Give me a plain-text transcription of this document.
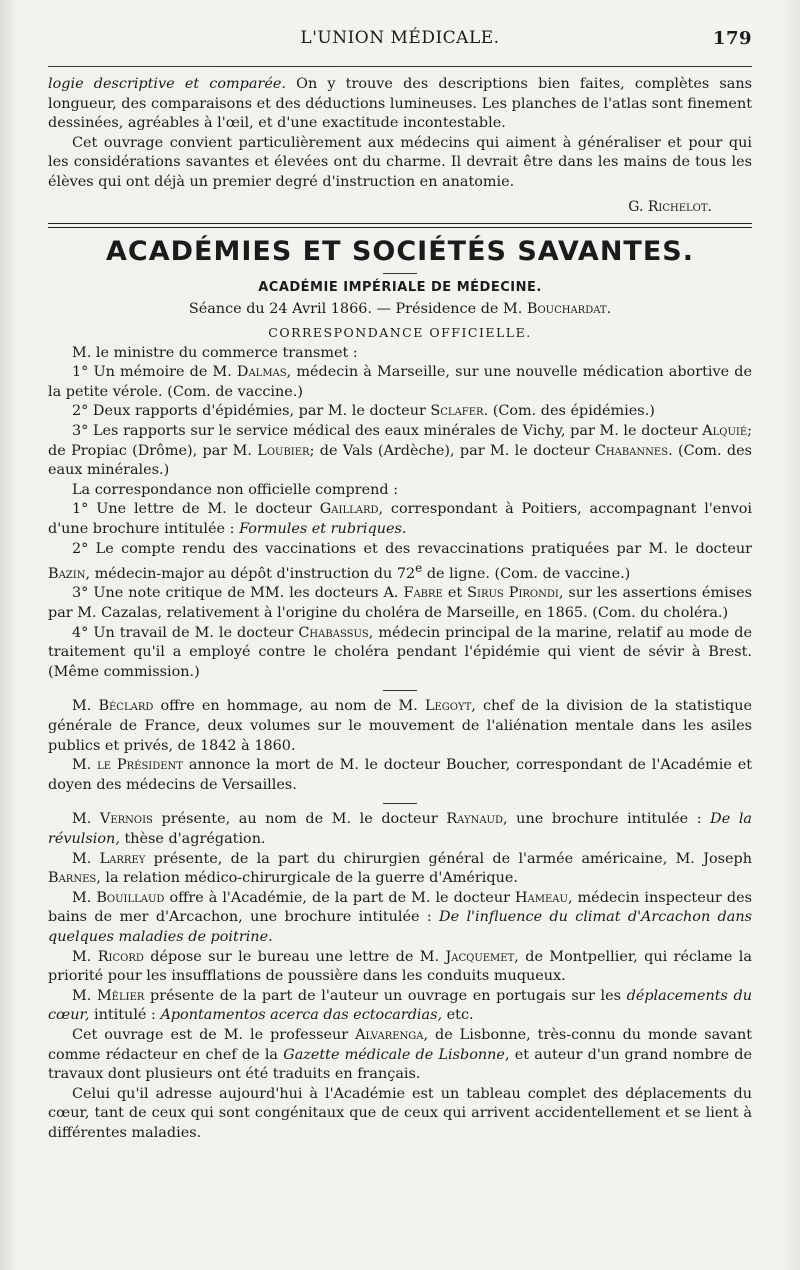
L'UNION MÉDICALE.	179

logie descriptive et comparée. On y trouve des descriptions bien faites, complètes sans longueur, des comparaisons et des déductions lumineuses. Les planches de l'atlas sont finement dessinées, agréables à l'œil, et d'une exactitude incontestable.

Cet ouvrage convient particulièrement aux médecins qui aiment à généraliser et pour qui les considérations savantes et élevées ont du charme. Il devrait être dans les mains de tous les élèves qui ont déjà un premier degré d'instruction en anatomie.

G. Richelot.
ACADÉMIES ET SOCIÉTÉS SAVANTES.
ACADÉMIE IMPÉRIALE DE MÉDECINE.
Séance du 24 Avril 1866. — Présidence de M. Bouchardat.
CORRESPONDANCE OFFICIELLE.

M. le ministre du commerce transmet :

1° Un mémoire de M. Dalmas, médecin à Marseille, sur une nouvelle médication abortive de la petite vérole. (Com. de vaccine.)

2° Deux rapports d'épidémies, par M. le docteur Sclafer. (Com. des épidémies.)

3° Les rapports sur le service médical des eaux minérales de Vichy, par M. le docteur Alquié; de Propiac (Drôme), par M. Loubier; de Vals (Ardèche), par M. le docteur Chabannes. (Com. des eaux minérales.)

La correspondance non officielle comprend :

1° Une lettre de M. le docteur Gaillard, correspondant à Poitiers, accompagnant l'envoi d'une brochure intitulée : Formules et rubriques.

2° Le compte rendu des vaccinations et des revaccinations pratiquées par M. le docteur Bazin, médecin-major au dépôt d'instruction du 72e de ligne. (Com. de vaccine.)

3° Une note critique de MM. les docteurs A. Fabre et Sirus Pirondi, sur les assertions émises par M. Cazalas, relativement à l'origine du choléra de Marseille, en 1865. (Com. du choléra.)

4° Un travail de M. le docteur Chabassus, médecin principal de la marine, relatif au mode de traitement qu'il a employé contre le choléra pendant l'épidémie qui vient de sévir à Brest. (Même commission.)

M. Béclard offre en hommage, au nom de M. Legoyt, chef de la division de la statistique générale de France, deux volumes sur le mouvement de l'aliénation mentale dans les asiles publics et privés, de 1842 à 1860.

M. le Président annonce la mort de M. le docteur Boucher, correspondant de l'Académie et doyen des médecins de Versailles.

M. Vernois présente, au nom de M. le docteur Raynaud, une brochure intitulée : De la révulsion, thèse d'agrégation.

M. Larrey présente, de la part du chirurgien général de l'armée américaine, M. Joseph Barnes, la relation médico-chirurgicale de la guerre d'Amérique.

M. Bouillaud offre à l'Académie, de la part de M. le docteur Hameau, médecin inspecteur des bains de mer d'Arcachon, une brochure intitulée : De l'influence du climat d'Arcachon dans quelques maladies de poitrine.

M. Ricord dépose sur le bureau une lettre de M. Jacquemet, de Montpellier, qui réclame la priorité pour les insufflations de poussière dans les conduits muqueux.

M. Mêlier présente de la part de l'auteur un ouvrage en portugais sur les déplacements du cœur, intitulé : Apontamentos acerca das ectocardias, etc.

Cet ouvrage est de M. le professeur Alvarenga, de Lisbonne, très-connu du monde savant comme rédacteur en chef de la Gazette médicale de Lisbonne, et auteur d'un grand nombre de travaux dont plusieurs ont été traduits en français.

Celui qu'il adresse aujourd'hui à l'Académie est un tableau complet des déplacements du cœur, tant de ceux qui sont congénitaux que de ceux qui arrivent accidentellement et se lient à différentes maladies.
